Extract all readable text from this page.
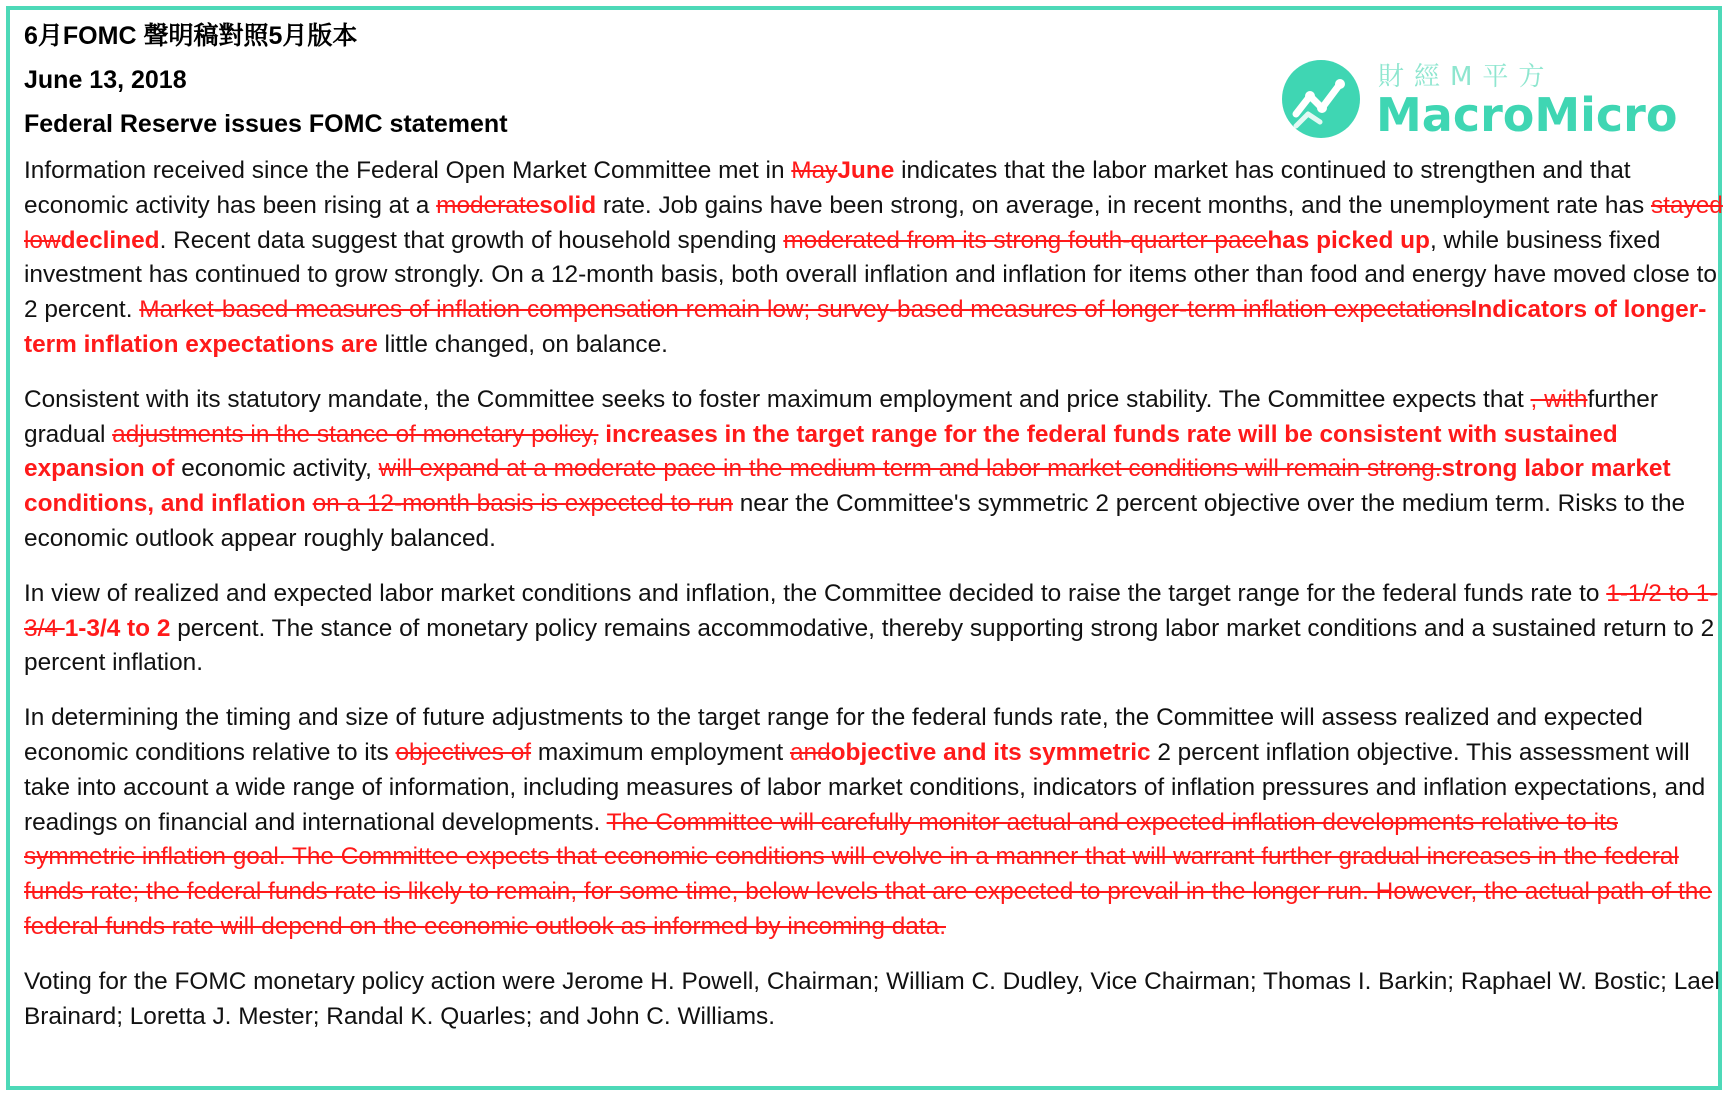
6月FOMC 聲明稿對照5月版本
June 13, 2018
Federal Reserve issues FOMC statement

Information received since the Federal Open Market Committee met in MayJune indicates that the labor market has continued to strengthen and that economic activity has been rising at a moderatesolid rate. Job gains have been strong, on average, in recent months, and the unemployment rate has stayed lowdeclined. Recent data suggest that growth of household spending moderated from its strong fouth-quarter pacehas picked up, while business fixed investment has continued to grow strongly. On a 12-month basis, both overall inflation and inflation for items other than food and energy have moved close to 2 percent. Market-based measures of inflation compensation remain low; survey-based measures of longer-term inflation expectationsIndicators of longer-term inflation expectations are little changed, on balance.

Consistent with its statutory mandate, the Committee seeks to foster maximum employment and price stability. The Committee expects that , withfurther gradual adjustments in the stance of monetary policy, increases in the target range for the federal funds rate will be consistent with sustained expansion of economic activity, will expand at a moderate pace in the medium term and labor market conditions will remain strong.strong labor market conditions, and inflation on a 12-month basis is expected to run near the Committee's symmetric 2 percent objective over the medium term. Risks to the economic outlook appear roughly balanced.

In view of realized and expected labor market conditions and inflation, the Committee decided to raise the target range for the federal funds rate to 1-1/2 to 1-3/4 1-3/4 to 2 percent. The stance of monetary policy remains accommodative, thereby supporting strong labor market conditions and a sustained return to 2 percent inflation.

In determining the timing and size of future adjustments to the target range for the federal funds rate, the Committee will assess realized and expected economic conditions relative to its objectives of maximum employment andobjective and its symmetric 2 percent inflation objective. This assessment will take into account a wide range of information, including measures of labor market conditions, indicators of inflation pressures and inflation expectations, and readings on financial and international developments. The Committee will carefully monitor actual and expected inflation developments relative to its symmetric inflation goal. The Committee expects that economic conditions will evolve in a manner that will warrant further gradual increases in the federal funds rate; the federal funds rate is likely to remain, for some time, below levels that are expected to prevail in the longer run. However, the actual path of the federal funds rate will depend on the economic outlook as informed by incoming data.

Voting for the FOMC monetary policy action were Jerome H. Powell, Chairman; William C. Dudley, Vice Chairman; Thomas I. Barkin; Raphael W. Bostic; Lael Brainard; Loretta J. Mester; Randal K. Quarles; and John C. Williams.

財經M平方
MacroMicro
